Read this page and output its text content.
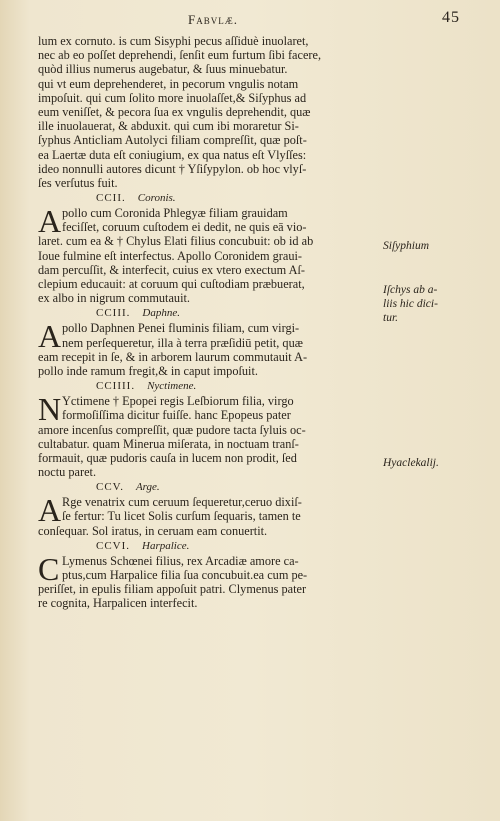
Fabvlæ.	45
lum ex cornuto. is cum Sisyphi pecus aſſiduè inuolaret,
nec ab eo poſſet deprehendi, ſenſit eum furtum ſibi facere,
quòd illius numerus augebatur, & ſuus minuebatur.
qui vt eum deprehenderet, in pecorum vngulis notam
impoſuit. qui cum ſolito more inuolaſſet,& Siſyphus ad
eum veniſſet, & pecora ſua ex vngulis deprehendit, quæ
ille inuolauerat, & abduxit. qui cum ibi moraretur Si-
ſyphus Anticliam Autolyci filiam compreſſit, quæ poſt-
ea Laertæ duta eſt coniugium, ex qua natus eſt Vlyſſes:
ideo nonnulli autores dicunt † Yſiſypylon. ob hoc vlyſ-
ſes verſutus fuit.
CCII. Coronis.
A pollo cum Coronida Phlegyæ filiam grauidam
feciſſet, coruum cuſtodem ei dedit, ne quis eā vio-
laret. cum ea & † Chylus Elati filius concubuit: ob id ab
Ioue fulmine eſt interfectus. Apollo Coronidem graui-
dam percuſſit, & interfecit, cuius ex vtero exectum Aſ-
clepium educauit: at coruum qui cuſtodiam præbuerat,
ex albo in nigrum commutauit.
CCIII. Daphne.
A pollo Daphnen Penei fluminis filiam, cum virgi-
nem perſequeretur, illa à terra præſidiū petit, quæ
eam recepit in ſe, & in arborem laurum commutauit A-
pollo inde ramum fregit,& in caput impoſuit.
CCIIII. Nyctimene.
N Yctimene † Epopei regis Leſbiorum filia, virgo
formoſiſſima dicitur fuiſſe. hanc Epopeus pater
amore incenſus compreſſit, quæ pudore tacta ſyluis oc-
cultabatur. quam Minerua miſerata, in noctuam tranſ-
formauit, quæ pudoris cauſa in lucem non prodit, ſed
noctu paret.
CCV. Arge.
A Rge venatrix cum ceruum ſequeretur,ceruo dixiſ-
ſe fertur: Tu licet Solis curſum ſequaris, tamen te
conſequar. Sol iratus, in ceruam eam conuertit.
CCVI. Harpalice.
C Lymenus Schœnei filius, rex Arcadiæ amore ca-
ptus,cum Harpalice filia ſua concubuit.ea cum pe-
periſſet, in epulis filiam appoſuit patri. Clymenus pater
re cognita, Harpalicen interfecit.
Siſyphium
Iſchys ab a-
liis hic dici-
tur.
Hyaclekalij.
